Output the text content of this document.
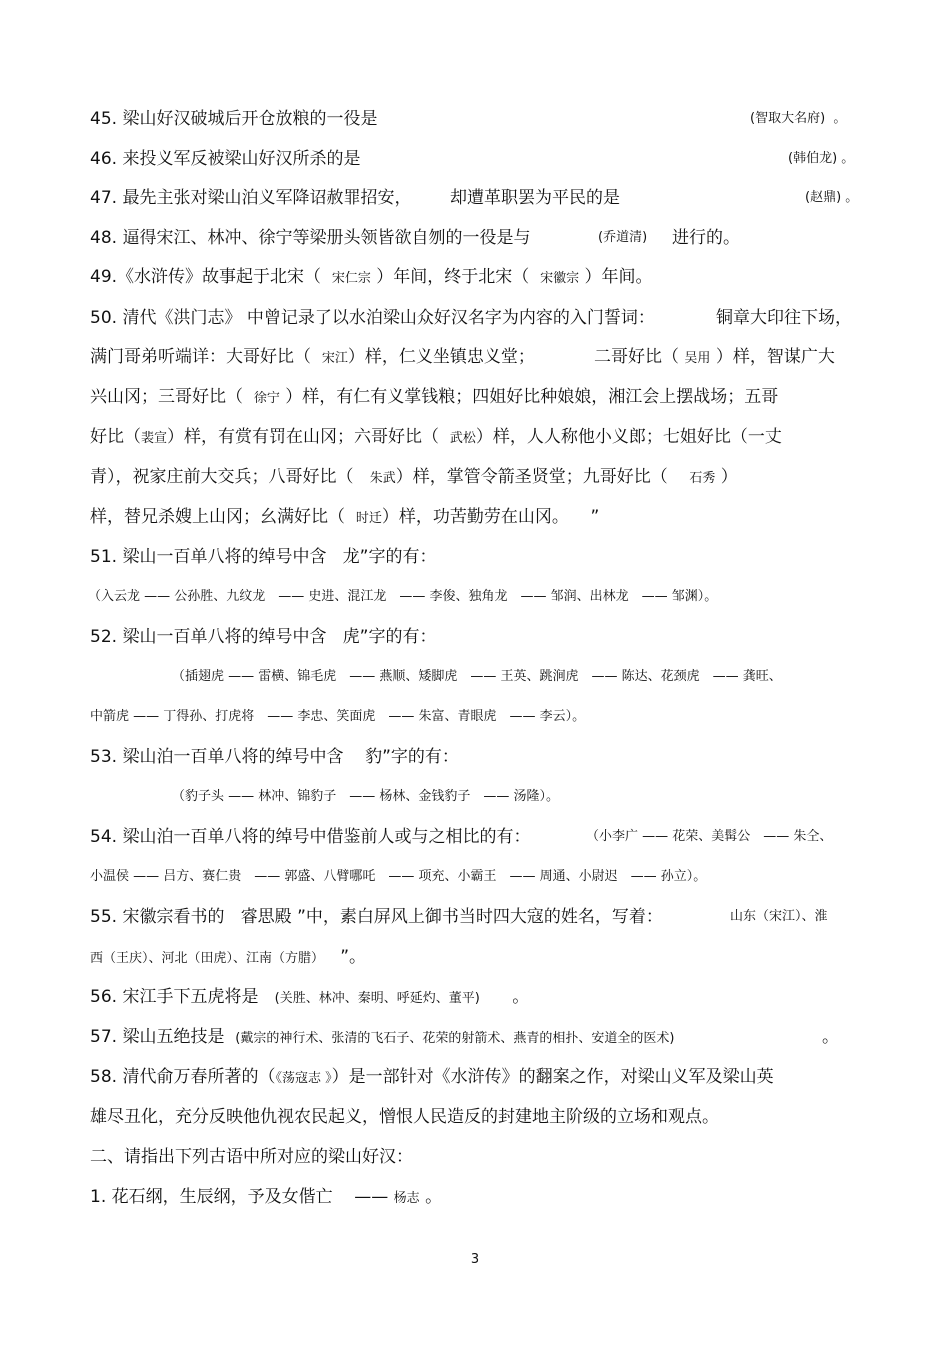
45. 梁山好汉破城后开仓放粮的一役是	(智取大名府) 。
46. 来投义军反被梁山好汉所杀的是	(韩伯龙) 。
47. 最先主张对梁山泊义军降诏赦罪招安， 却遭革职罢为平民的是	(赵鼎) 。
48. 逼得宋江、林冲、徐宁等梁册头领皆欲自刎的一役是与	(乔道清) 进行的。
49.《水浒传》故事起于北宋（ 宋仁宗 ）年间，终于北宋（ 宋徽宗 ）年间。
50. 清代《洪门志》 中曾记录了以水泊梁山众好汉名字为内容的入门誓词：	铜章大印往下场，
满门哥弟听端详：大哥好比（ 宋江）样，仁义坐镇忠义堂；	二哥好比（ 吴用 ）样，智谋广大
兴山冈；三哥好比（ 徐宁 ）样，有仁有义掌钱粮；四姐好比种娘娘，湘江会上摆战场；五哥
好比（裴宣）样，有赏有罚在山冈；六哥好比（ 武松）样，人人称他小义郎；七姐好比（一丈
青），祝家庄前大交兵；八哥好比（ 朱武）样，掌管令箭圣贤堂；九哥好比（ 石秀 ）
样，替兄杀嫂上山冈；幺满好比（ 时迁）样，功苦勤劳在山冈。 ”
51. 梁山一百单八将的绰号中含 龙”字的有：
（入云龙 —— 公孙胜、九纹龙　—— 史进、混江龙　—— 李俊、独角龙　—— 邹润、出林龙　—— 邹渊）。
52. 梁山一百单八将的绰号中含 虎”字的有：
（插翅虎 —— 雷横、锦毛虎　—— 燕顺、矮脚虎　—— 王英、跳涧虎　—— 陈达、花颈虎　—— 龚旺、
中箭虎 —— 丁得孙、打虎将　—— 李忠、笑面虎　—— 朱富、青眼虎　—— 李云）。
53. 梁山泊一百单八将的绰号中含 豹”字的有：
（豹子头 —— 林冲、锦豹子　—— 杨林、金钱豹子　—— 汤隆）。
54. 梁山泊一百单八将的绰号中借鉴前人或与之相比的有：	（小李广 —— 花荣、美髯公　—— 朱仝、
小温侯 —— 吕方、赛仁贵　—— 郭盛、八臂哪吒　—— 项充、小霸王　—— 周通、小尉迟　—— 孙立）。
55. 宋徽宗看书的 睿思殿 ”中，素白屏风上御书当时四大寇的姓名，写着：	山东（宋江）、淮
西（王庆）、河北（田虎）、江南（方腊） ”。
56. 宋江手下五虎将是 (关胜、林冲、秦明、呼延灼、董平) 。
57. 梁山五绝技是 (戴宗的神行术、张清的飞石子、花荣的射箭术、燕青的相扑、安道全的医术)	。
58. 清代俞万春所著的（《荡寇志 》）是一部针对《水浒传》的翻案之作，对梁山义军及梁山英
雄尽丑化，充分反映他仇视农民起义，憎恨人民造反的封建地主阶级的立场和观点。
二、请指出下列古语中所对应的梁山好汉：
1. 花石纲，生辰纲，予及女偕亡 —— 杨志 。
3
